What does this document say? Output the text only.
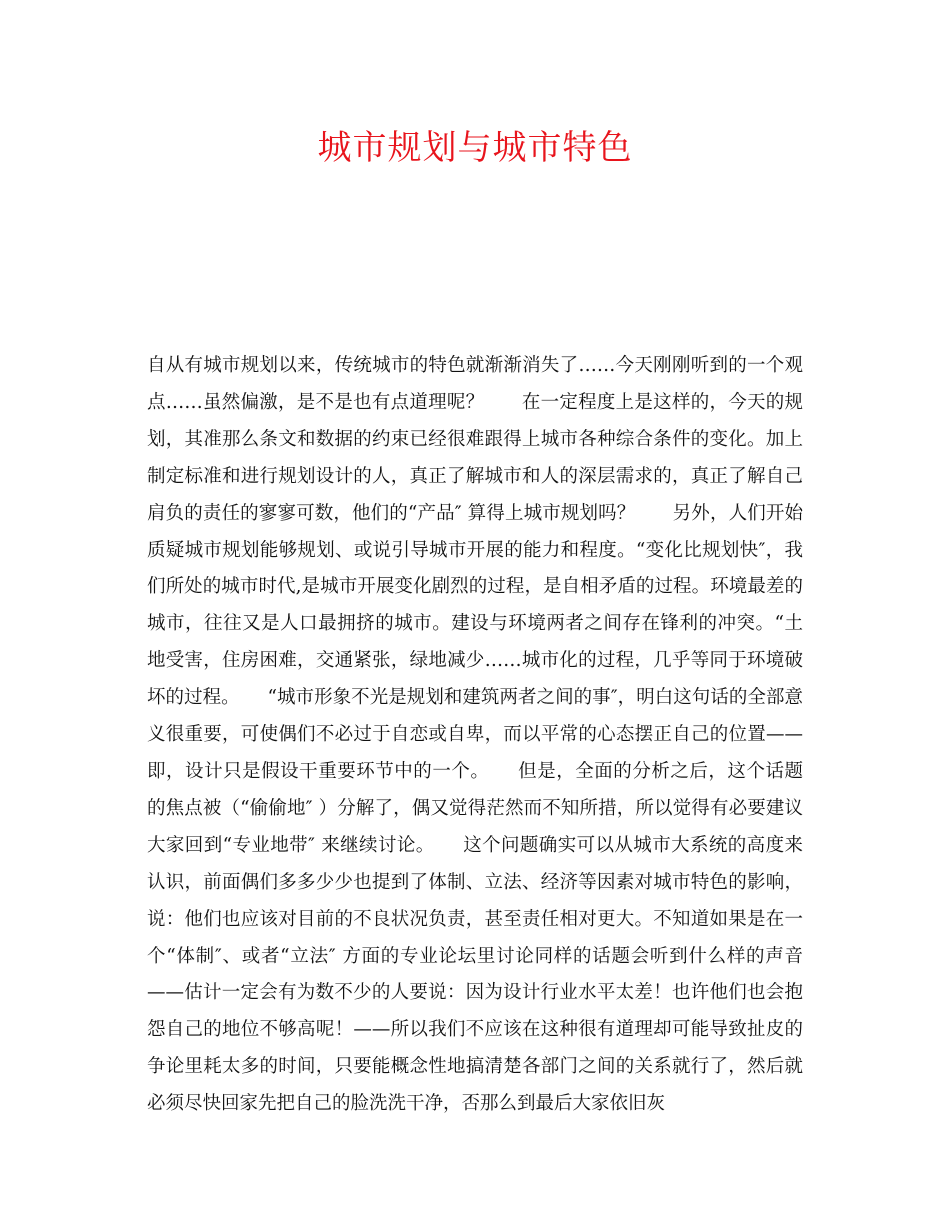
城市规划与城市特色

自从有城市规划以来，传统城市的特色就渐渐消失了……今天刚刚听到的一个观点……虽然偏激，是不是也有点道理呢？　　在一定程度上是这样的，今天的规划，其准那么条文和数据的约束已经很难跟得上城市各种综合条件的变化。加上制定标准和进行规划设计的人，真正了解城市和人的深层需求的，真正了解自己肩负的责任的寥寥可数，他们的“产品″ 算得上城市规划吗？　　另外，人们开始质疑城市规划能够规划、或说引导城市开展的能力和程度。“变化比规划快″，我们所处的城市时代,是城市开展变化剧烈的过程，是自相矛盾的过程。环境最差的城市，往往又是人口最拥挤的城市。建设与环境两者之间存在锋利的冲突。“土地受害，住房困难，交通紧张，绿地减少……城市化的过程，几乎等同于环境破坏的过程。　　“城市形象不光是规划和建筑两者之间的事″，明白这句话的全部意义很重要，可使偶们不必过于自恋或自卑，而以平常的心态摆正自己的位置——即，设计只是假设干重要环节中的一个。　　但是，全面的分析之后，这个话题的焦点被（“偷偷地″ ）分解了，偶又觉得茫然而不知所措，所以觉得有必要建议大家回到“专业地带″ 来继续讨论。　　这个问题确实可以从城市大系统的高度来认识，前面偶们多多少少也提到了体制、立法、经济等因素对城市特色的影响，说：他们也应该对目前的不良状况负责，甚至责任相对更大。不知道如果是在一个“体制″、或者“立法″ 方面的专业论坛里讨论同样的话题会听到什么样的声音——估计一定会有为数不少的人要说：因为设计行业水平太差！也许他们也会抱怨自己的地位不够高呢！——所以我们不应该在这种很有道理却可能导致扯皮的争论里耗太多的时间，只要能概念性地搞清楚各部门之间的关系就行了，然后就必须尽快回家先把自己的脸洗洗干净，否那么到最后大家依旧灰
